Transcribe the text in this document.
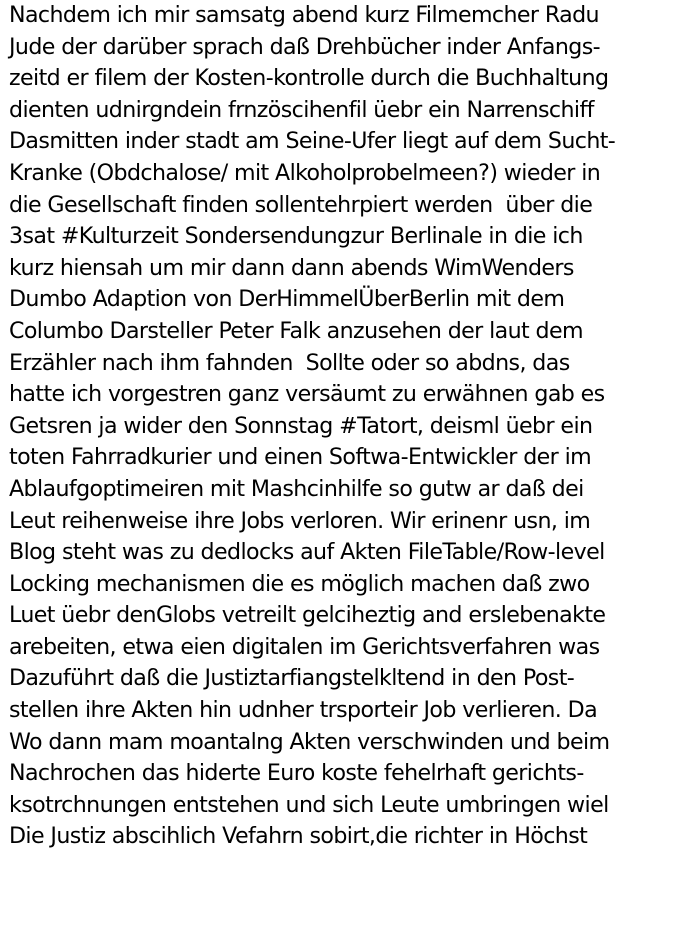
Nachdem ich mir samsatg abend kurz Filmemcher Radu
Jude der darüber sprach daß Drehbücher inder Anfangs-
zeitd er filem der Kosten-kontrolle durch die Buchhaltung
dienten udnirgndein frnzöscihenfil üebr ein Narrenschiff
Dasmitten inder stadt am Seine-Ufer liegt auf dem Sucht-
Kranke (Obdchalose/ mit Alkoholprobelmeen?) wieder in
die Gesellschaft finden sollentehrpiert werden  über die
3sat #Kulturzeit Sondersendungzur Berlinale in die ich
kurz hiensah um mir dann dann abends WimWenders
Dumbo Adaption von DerHimmelÜberBerlin mit dem
Columbo Darsteller Peter Falk anzusehen der laut dem
Erzähler nach ihm fahnden  Sollte oder so abdns, das
hatte ich vorgestren ganz versäumt zu erwähnen gab es
Getsren ja wider den Sonnstag #Tatort, deisml üebr ein
toten Fahrradkurier und einen Softwa-Entwickler der im
Ablaufgoptimeiren mit Mashcinhilfe so gutw ar daß dei
Leut reihenweise ihre Jobs verloren. Wir erinenr usn, im
Blog steht was zu dedlocks auf Akten FileTable/Row-level
Locking mechanismen die es möglich machen daß zwo
Luet üebr denGlobs vetreilt gelciheztig and erslebenakte
arebeiten, etwa eien digitalen im Gerichtsverfahren was
Dazuführt daß die Justiztarfiangstelkltend in den Post-
stellen ihre Akten hin udnher trsporteir Job verlieren. Da
Wo dann mam moantalng Akten verschwinden und beim
Nachrochen das hiderte Euro koste fehelrhaft gerichts-
ksotrchnungen entstehen und sich Leute umbringen wiel
Die Justiz abscihlich Vefahrn sobirt,die richter in Höchst
